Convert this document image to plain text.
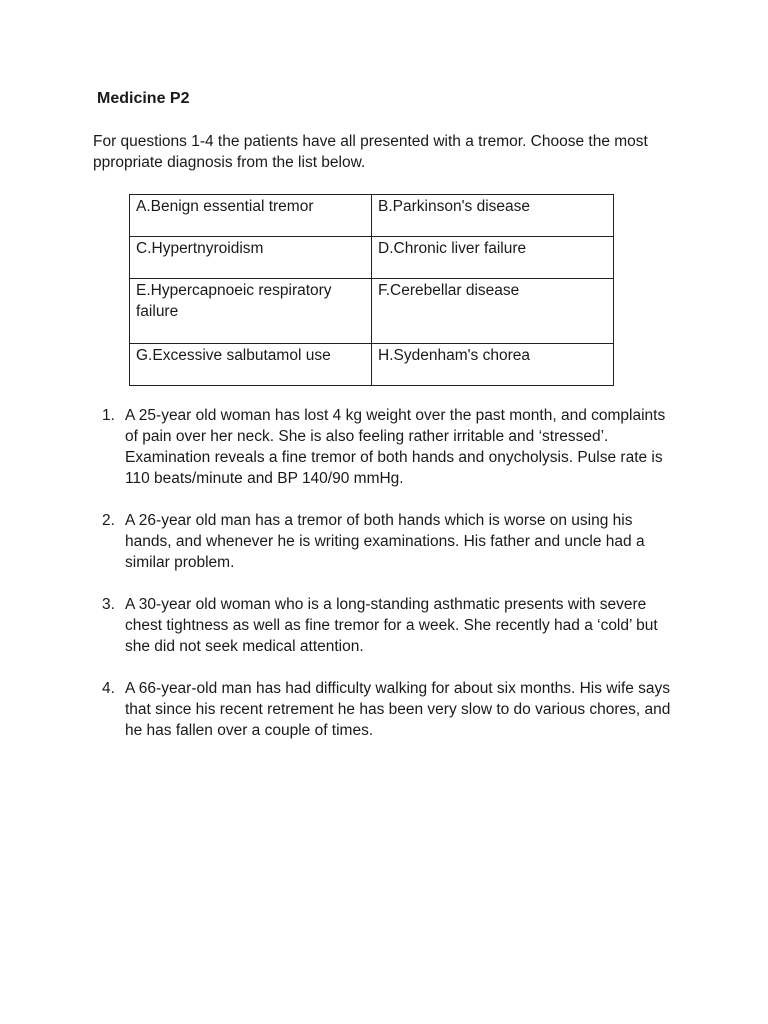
Medicine P2

For questions 1-4 the patients have all presented with a tremor. Choose the most ppropriate diagnosis from the list below.

A.Benign essential tremor	B.Parkinson's disease
C.Hypertnyroidism	D.Chronic liver failure
E.Hypercapnoeic respiratory failure	F.Cerebellar disease
G.Excessive salbutamol use	H.Sydenham's chorea
1. A 25-year old woman has lost 4 kg weight over the past month, and complaints of pain over her neck. She is also feeling rather irritable and ‘stressed’. Examination reveals a fine tremor of both hands and onycholysis. Pulse rate is 110 beats/minute and BP 140/90 mmHg.
2. A 26-year old man has a tremor of both hands which is worse on using his hands, and whenever he is writing examinations. His father and uncle had a similar problem.
3. A 30-year old woman who is a long-standing asthmatic presents with severe chest tightness as well as fine tremor for a week. She recently had a ‘cold’ but she did not seek medical attention.
4. A 66-year-old man has had difficulty walking for about six months. His wife says that since his recent retrement he has been very slow to do various chores, and he has fallen over a couple of times.
